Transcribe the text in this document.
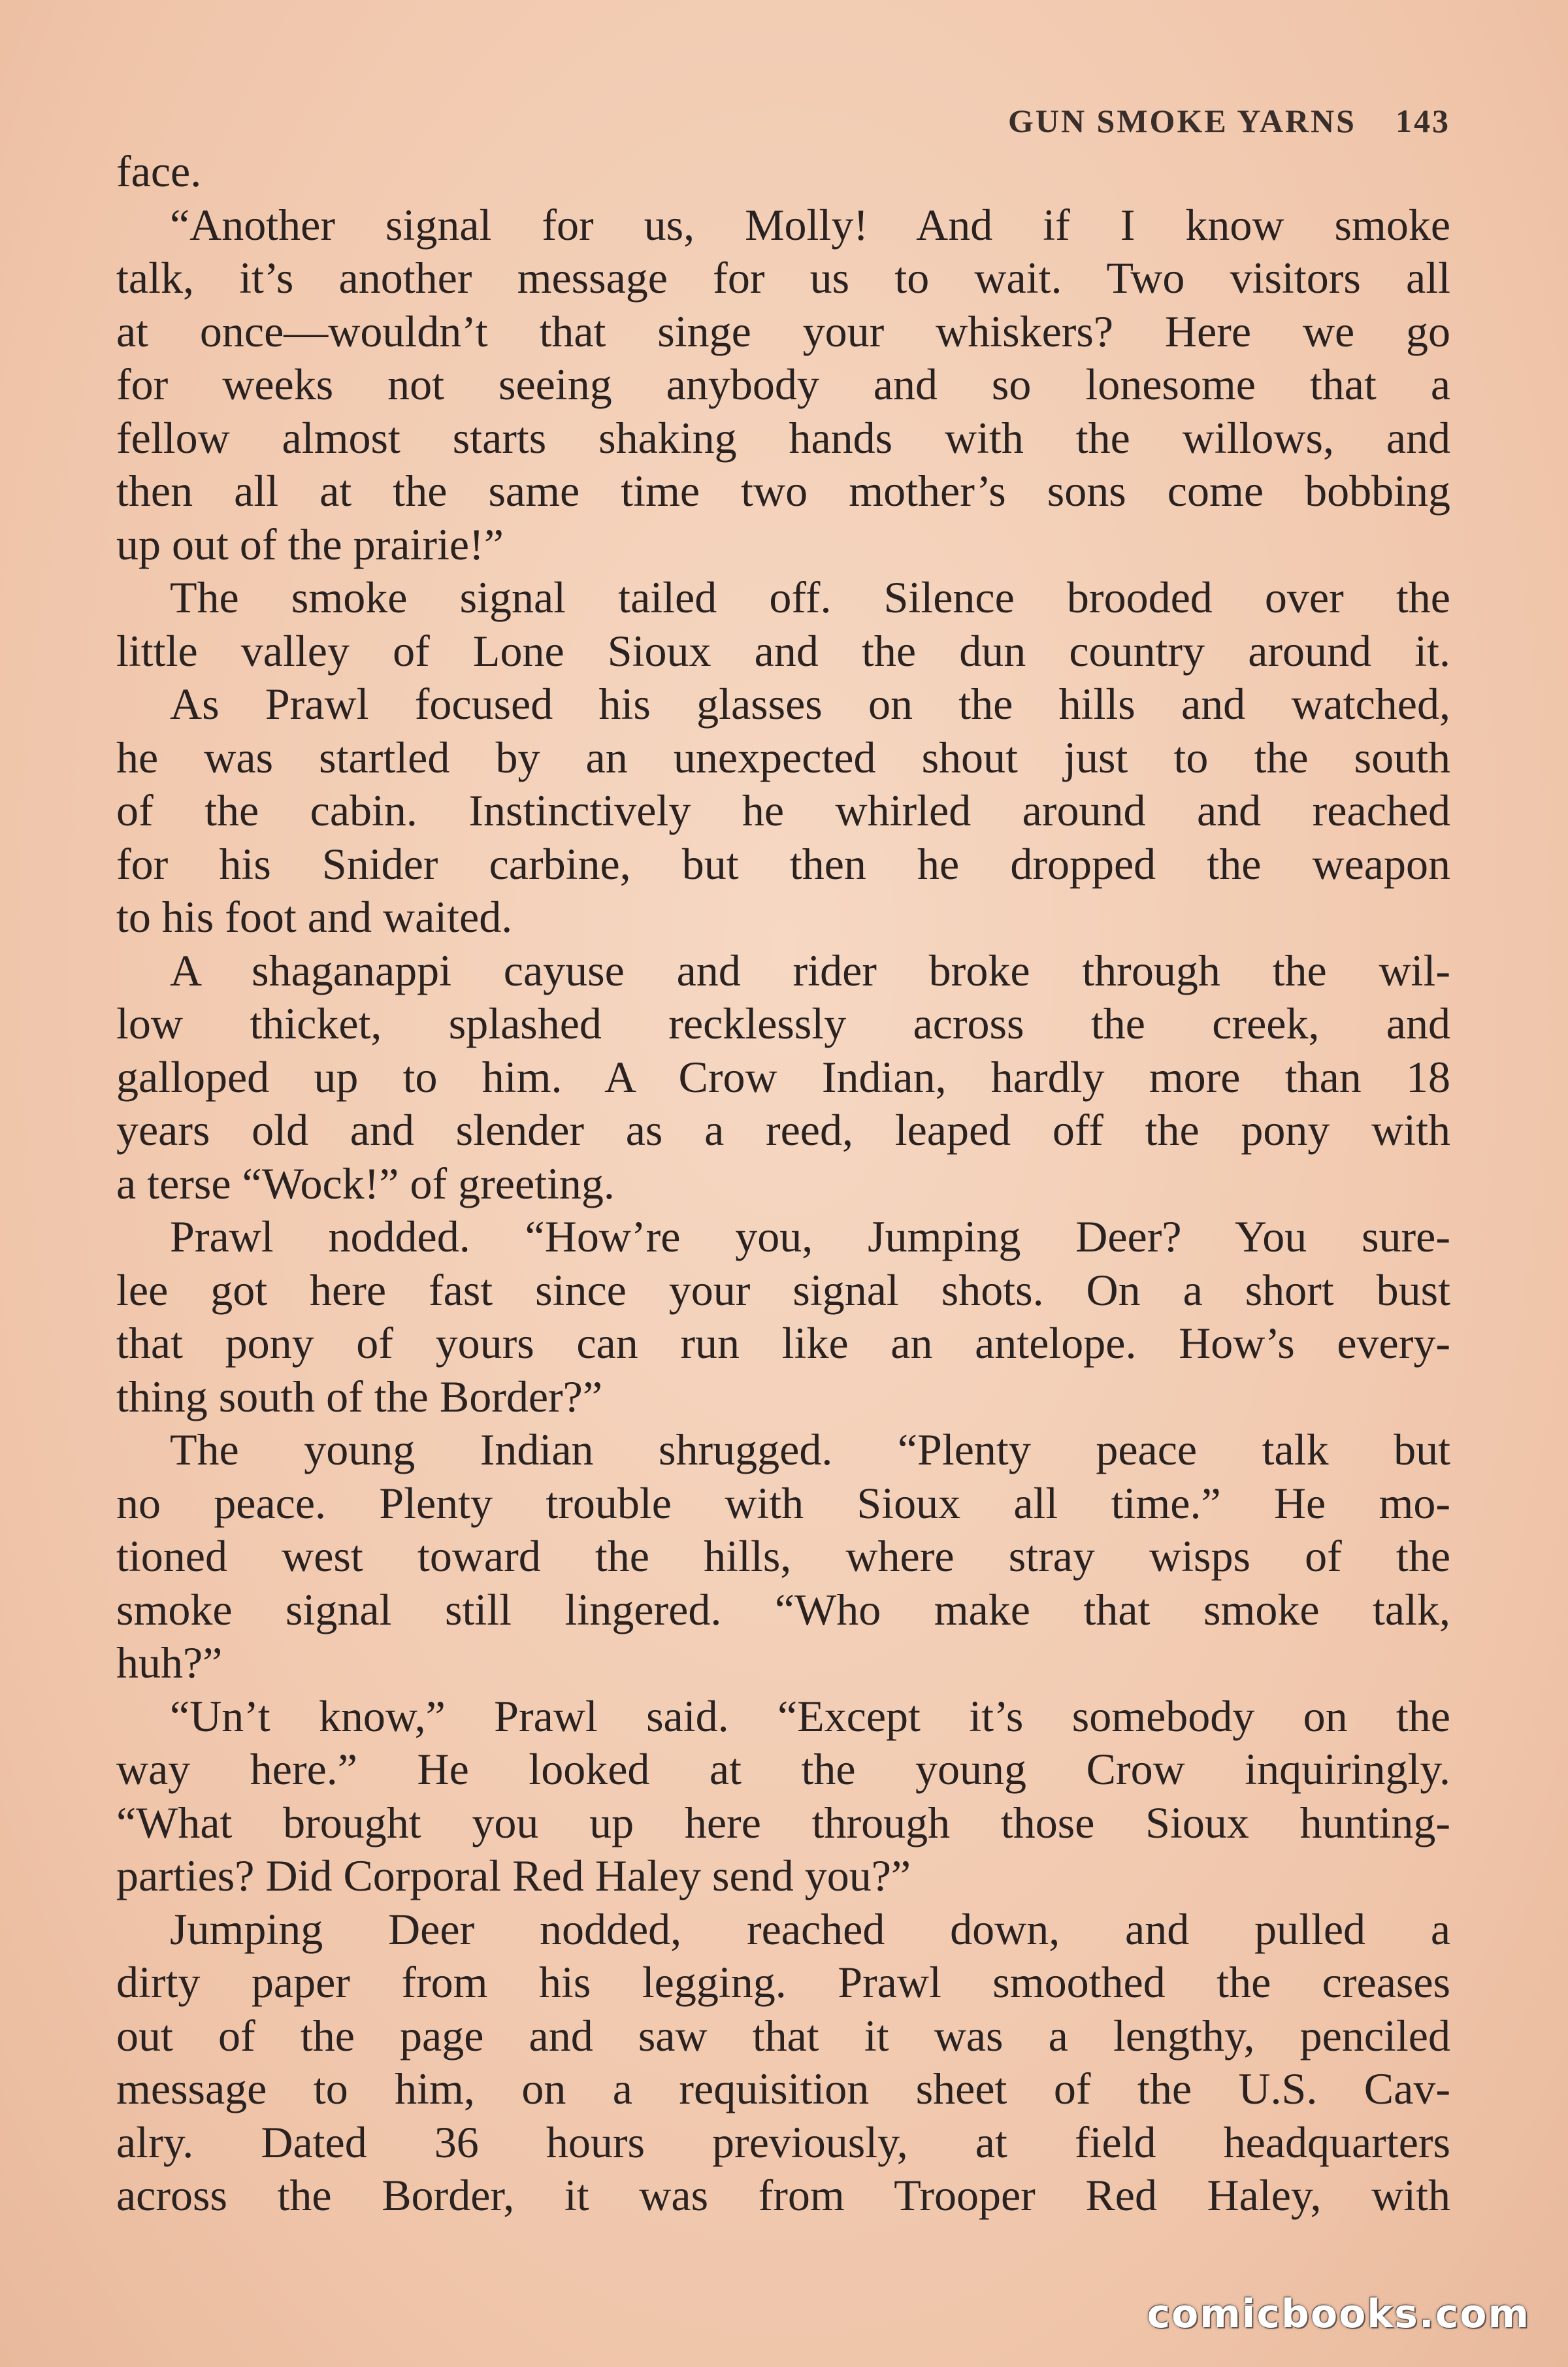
GUN SMOKE YARNS 143
face.
“Another signal for us, Molly! And if I know smoke
talk, it’s another message for us to wait. Two visitors all
at once—wouldn’t that singe your whiskers? Here we go
for weeks not seeing anybody and so lonesome that a
fellow almost starts shaking hands with the willows, and
then all at the same time two mother’s sons come bobbing
up out of the prairie!”
The smoke signal tailed off. Silence brooded over the
little valley of Lone Sioux and the dun country around it.
As Prawl focused his glasses on the hills and watched,
he was startled by an unexpected shout just to the south
of the cabin. Instinctively he whirled around and reached
for his Snider carbine, but then he dropped the weapon
to his foot and waited.
A shaganappi cayuse and rider broke through the wil-
low thicket, splashed recklessly across the creek, and
galloped up to him. A Crow Indian, hardly more than 18
years old and slender as a reed, leaped off the pony with
a terse “Wock!” of greeting.
Prawl nodded. “How’re you, Jumping Deer? You sure-
lee got here fast since your signal shots. On a short bust
that pony of yours can run like an antelope. How’s every-
thing south of the Border?”
The young Indian shrugged. “Plenty peace talk but
no peace. Plenty trouble with Sioux all time.” He mo-
tioned west toward the hills, where stray wisps of the
smoke signal still lingered. “Who make that smoke talk,
huh?”
“Un’t know,” Prawl said. “Except it’s somebody on the
way here.” He looked at the young Crow inquiringly.
“What brought you up here through those Sioux hunting-
parties? Did Corporal Red Haley send you?”
Jumping Deer nodded, reached down, and pulled a
dirty paper from his legging. Prawl smoothed the creases
out of the page and saw that it was a lengthy, penciled
message to him, on a requisition sheet of the U.S. Cav-
alry. Dated 36 hours previously, at field headquarters
across the Border, it was from Trooper Red Haley, with
comicbooks.com
